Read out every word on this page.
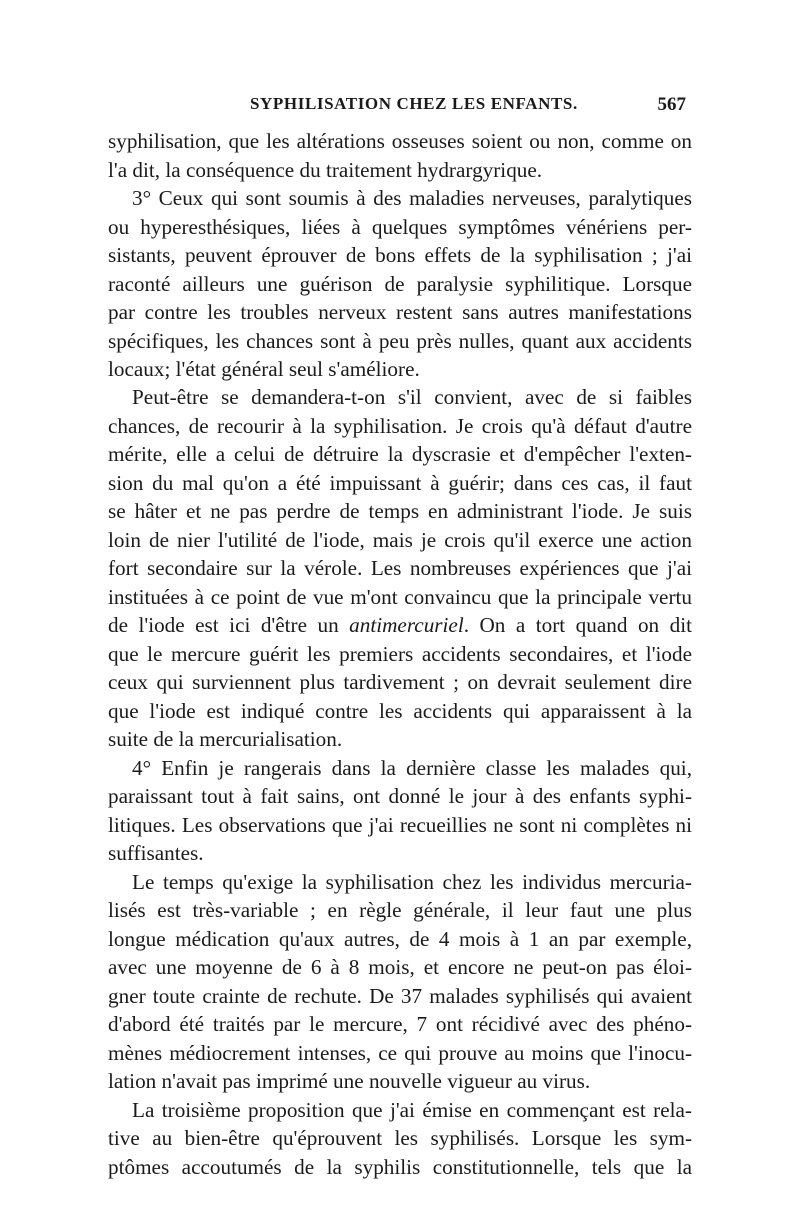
SYPHILISATION CHEZ LES ENFANTS.	567
syphilisation, que les altérations osseuses soient ou non, comme on
l'a dit, la conséquence du traitement hydrargyrique.
3° Ceux qui sont soumis à des maladies nerveuses, paralytiques
ou hyperesthésiques, liées à quelques symptômes vénériens per-
sistants, peuvent éprouver de bons effets de la syphilisation ; j'ai
raconté ailleurs une guérison de paralysie syphilitique. Lorsque
par contre les troubles nerveux restent sans autres manifestations
spécifiques, les chances sont à peu près nulles, quant aux accidents
locaux; l'état général seul s'améliore.
Peut-être se demandera-t-on s'il convient, avec de si faibles
chances, de recourir à la syphilisation. Je crois qu'à défaut d'autre
mérite, elle a celui de détruire la dyscrasie et d'empêcher l'exten-
sion du mal qu'on a été impuissant à guérir; dans ces cas, il faut
se hâter et ne pas perdre de temps en administrant l'iode. Je suis
loin de nier l'utilité de l'iode, mais je crois qu'il exerce une action
fort secondaire sur la vérole. Les nombreuses expériences que j'ai
instituées à ce point de vue m'ont convaincu que la principale vertu
de l'iode est ici d'être un antimercuriel. On a tort quand on dit
que le mercure guérit les premiers accidents secondaires, et l'iode
ceux qui surviennent plus tardivement ; on devrait seulement dire
que l'iode est indiqué contre les accidents qui apparaissent à la
suite de la mercurialisation.
4° Enfin je rangerais dans la dernière classe les malades qui,
paraissant tout à fait sains, ont donné le jour à des enfants syphi-
litiques. Les observations que j'ai recueillies ne sont ni complètes ni
suffisantes.
Le temps qu'exige la syphilisation chez les individus mercuria-
lisés est très-variable ; en règle générale, il leur faut une plus
longue médication qu'aux autres, de 4 mois à 1 an par exemple,
avec une moyenne de 6 à 8 mois, et encore ne peut-on pas éloi-
gner toute crainte de rechute. De 37 malades syphilisés qui avaient
d'abord été traités par le mercure, 7 ont récidivé avec des phéno-
mènes médiocrement intenses, ce qui prouve au moins que l'inocu-
lation n'avait pas imprimé une nouvelle vigueur au virus.
La troisième proposition que j'ai émise en commençant est rela-
tive au bien-être qu'éprouvent les syphilisés. Lorsque les sym-
ptômes accoutumés de la syphilis constitutionnelle, tels que la
